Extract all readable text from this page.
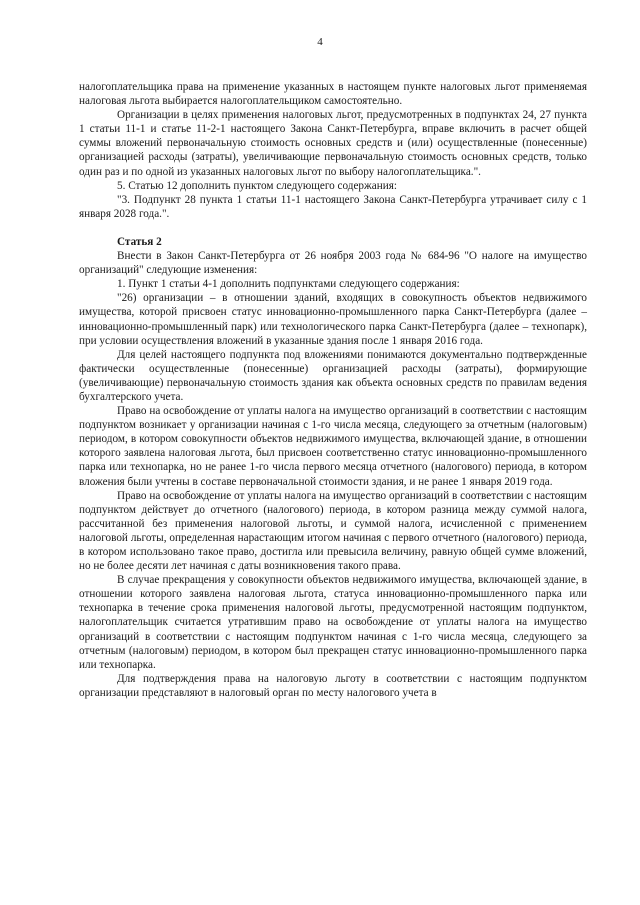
4

налогоплательщика права на применение указанных в настоящем пункте налоговых льгот применяемая налоговая льгота выбирается налогоплательщиком самостоятельно.

Организации в целях применения налоговых льгот, предусмотренных в подпунктах 24, 27 пункта 1 статьи 11-1 и статье 11-2-1 настоящего Закона Санкт-Петербурга, вправе включить в расчет общей суммы вложений первоначальную стоимость основных средств и (или) осуществленные (понесенные) организацией расходы (затраты), увеличивающие первоначальную стоимость основных средств, только один раз и по одной из указанных налоговых льгот по выбору налогоплательщика.".

5. Статью 12 дополнить пунктом следующего содержания:

"3. Подпункт 28 пункта 1 статьи 11-1 настоящего Закона Санкт-Петербурга утрачивает силу с 1 января 2028 года.".

Статья 2

Внести в Закон Санкт-Петербурга от 26 ноября 2003 года № 684-96 "О налоге на имущество организаций" следующие изменения:

1. Пункт 1 статьи 4-1 дополнить подпунктами следующего содержания:

"26) организации – в отношении зданий, входящих в совокупность объектов недвижимого имущества, которой присвоен статус инновационно-промышленного парка Санкт-Петербурга (далее – инновационно-промышленный парк) или технологического парка Санкт-Петербурга (далее – технопарк), при условии осуществления вложений в указанные здания после 1 января 2016 года.

Для целей настоящего подпункта под вложениями понимаются документально подтвержденные фактически осуществленные (понесенные) организацией расходы (затраты), формирующие (увеличивающие) первоначальную стоимость здания как объекта основных средств по правилам ведения бухгалтерского учета.

Право на освобождение от уплаты налога на имущество организаций в соответствии с настоящим подпунктом возникает у организации начиная с 1-го числа месяца, следующего за отчетным (налоговым) периодом, в котором совокупности объектов недвижимого имущества, включающей здание, в отношении которого заявлена налоговая льгота, был присвоен соответственно статус инновационно-промышленного парка или технопарка, но не ранее 1-го числа первого месяца отчетного (налогового) периода, в котором вложения были учтены в составе первоначальной стоимости здания, и не ранее 1 января 2019 года.

Право на освобождение от уплаты налога на имущество организаций в соответствии с настоящим подпунктом действует до отчетного (налогового) периода, в котором разница между суммой налога, рассчитанной без применения налоговой льготы, и суммой налога, исчисленной с применением налоговой льготы, определенная нарастающим итогом начиная с первого отчетного (налогового) периода, в котором использовано такое право, достигла или превысила величину, равную общей сумме вложений, но не более десяти лет начиная с даты возникновения такого права.

В случае прекращения у совокупности объектов недвижимого имущества, включающей здание, в отношении которого заявлена налоговая льгота, статуса инновационно-промышленного парка или технопарка в течение срока применения налоговой льготы, предусмотренной настоящим подпунктом, налогоплательщик считается утратившим право на освобождение от уплаты налога на имущество организаций в соответствии с настоящим подпунктом начиная с 1-го числа месяца, следующего за отчетным (налоговым) периодом, в котором был прекращен статус инновационно-промышленного парка или технопарка.

Для подтверждения права на налоговую льготу в соответствии с настоящим подпунктом организации представляют в налоговый орган по месту налогового учета в
